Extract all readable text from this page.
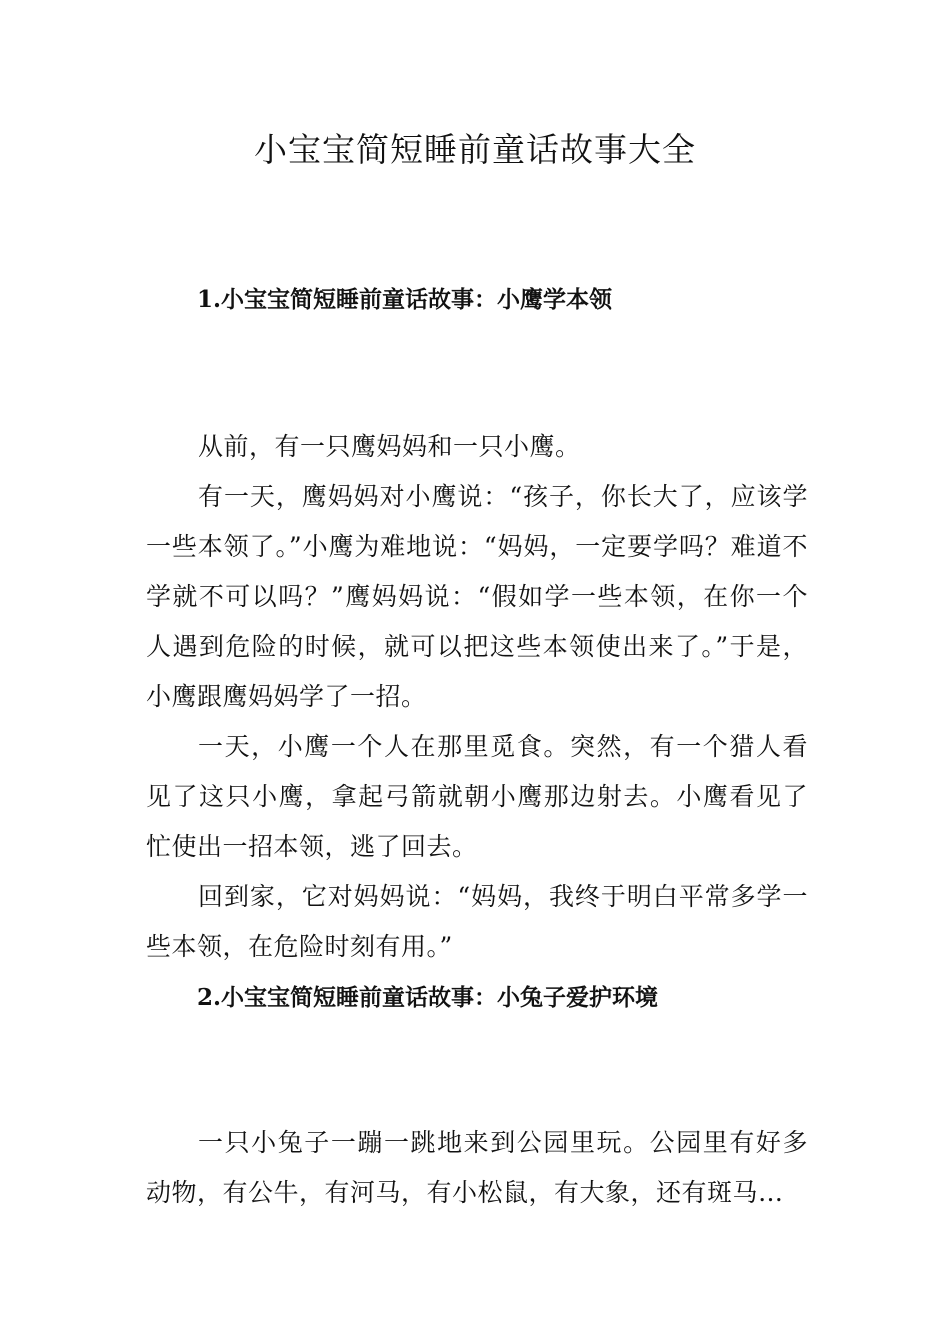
小宝宝简短睡前童话故事大全
1.小宝宝简短睡前童话故事：小鹰学本领

从前，有一只鹰妈妈和一只小鹰。

有一天，鹰妈妈对小鹰说：“孩子，你长大了，应该学一些本领了。”小鹰为难地说：“妈妈，一定要学吗？难道不学就不可以吗？”鹰妈妈说：“假如学一些本领，在你一个人遇到危险的时候，就可以把这些本领使出来了。”于是，小鹰跟鹰妈妈学了一招。

一天，小鹰一个人在那里觅食。突然，有一个猎人看见了这只小鹰，拿起弓箭就朝小鹰那边射去。小鹰看见了忙使出一招本领，逃了回去。

回到家，它对妈妈说：“妈妈，我终于明白平常多学一些本领，在危险时刻有用。”

2.小宝宝简短睡前童话故事：小兔子爱护环境

一只小兔子一蹦一跳地来到公园里玩。公园里有好多动物，有公牛，有河马，有小松鼠，有大象，还有斑马…
